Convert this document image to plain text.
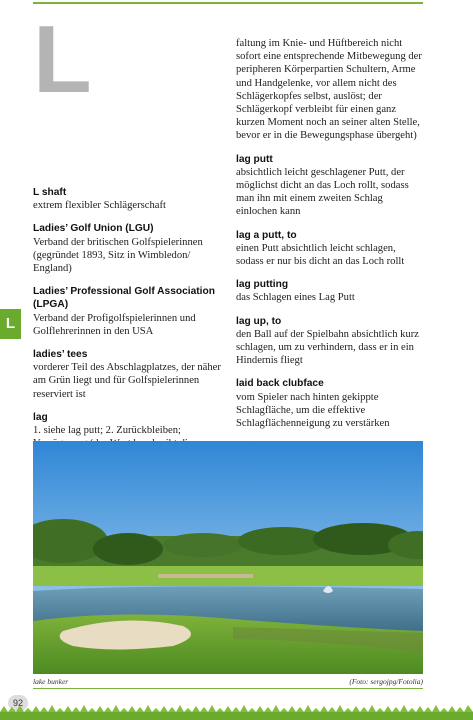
L
L
L shaft
extrem flexibler Schlägerschaft
Ladies’ Golf Union (LGU)
Verband der britischen Golfspielerinnen (gegründet 1893, Sitz in Wimbledon/ England)
Ladies’ Professional Golf Association (LPGA)
Verband der Profigolfspielerinnen und Golflehrerinnen in den USA
ladies’ tees
vorderer Teil des Abschlagplatzes, der näher am Grün liegt und für Golfspielerinnen reserviert ist
lag
1. siehe lag putt; 2. Zurückbleiben;
faltung im Knie- und Hüftbereich nicht sofort eine entsprechende Mitbewegung der peripheren Körperpartien Schultern, Arme und Handgelenke, vor allem nicht des Schlägerkopfes selbst, auslöst; der Schlägerkopf verbleibt für einen ganz kurzen Moment noch an seiner alten Stelle, bevor er in die Bewegungsphase übergeht)
lag putt
absichtlich leicht geschlagener Putt, der möglichst dicht an das Loch rollt, sodass man ihn mit einem zweiten Schlag einlochen kann
lag a putt, to
einen Putt absichtlich leicht schlagen, sodass er nur bis dicht an das Loch rollt
lag putting
das Schlagen eines Lag Putt
lag up, to
den Ball auf der Spielbahn absichtlich kurz schlagen, um zu verhindern, dass er in ein Hindernis fliegt
laid back clubface
vom Spieler nach hinten gekippte Schlagfläche, um die effektive Schlagflächenneigung zu verstärken
lake bunker	(Foto: sergojpg/Fotolia)
92
